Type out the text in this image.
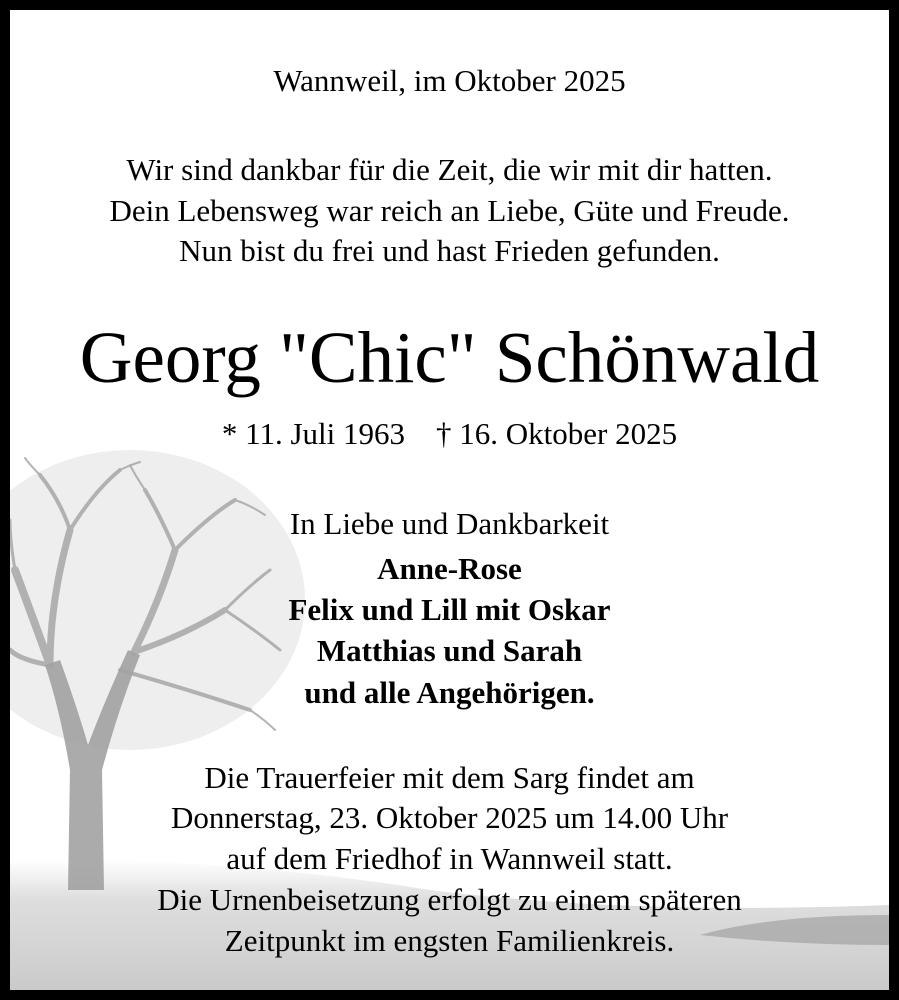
Wannweil, im Oktober 2025
Wir sind dankbar für die Zeit, die wir mit dir hatten.
Dein Lebensweg war reich an Liebe, Güte und Freude.
Nun bist du frei und hast Frieden gefunden.
Georg "Chic" Schönwald
* 11. Juli 1963 † 16. Oktober 2025
In Liebe und Dankbarkeit
Anne-Rose
Felix und Lill mit Oskar
Matthias und Sarah
und alle Angehörigen.
Die Trauerfeier mit dem Sarg findet am
Donnerstag, 23. Oktober 2025 um 14.00 Uhr
auf dem Friedhof in Wannweil statt.
Die Urnenbeisetzung erfolgt zu einem späteren
Zeitpunkt im engsten Familienkreis.
